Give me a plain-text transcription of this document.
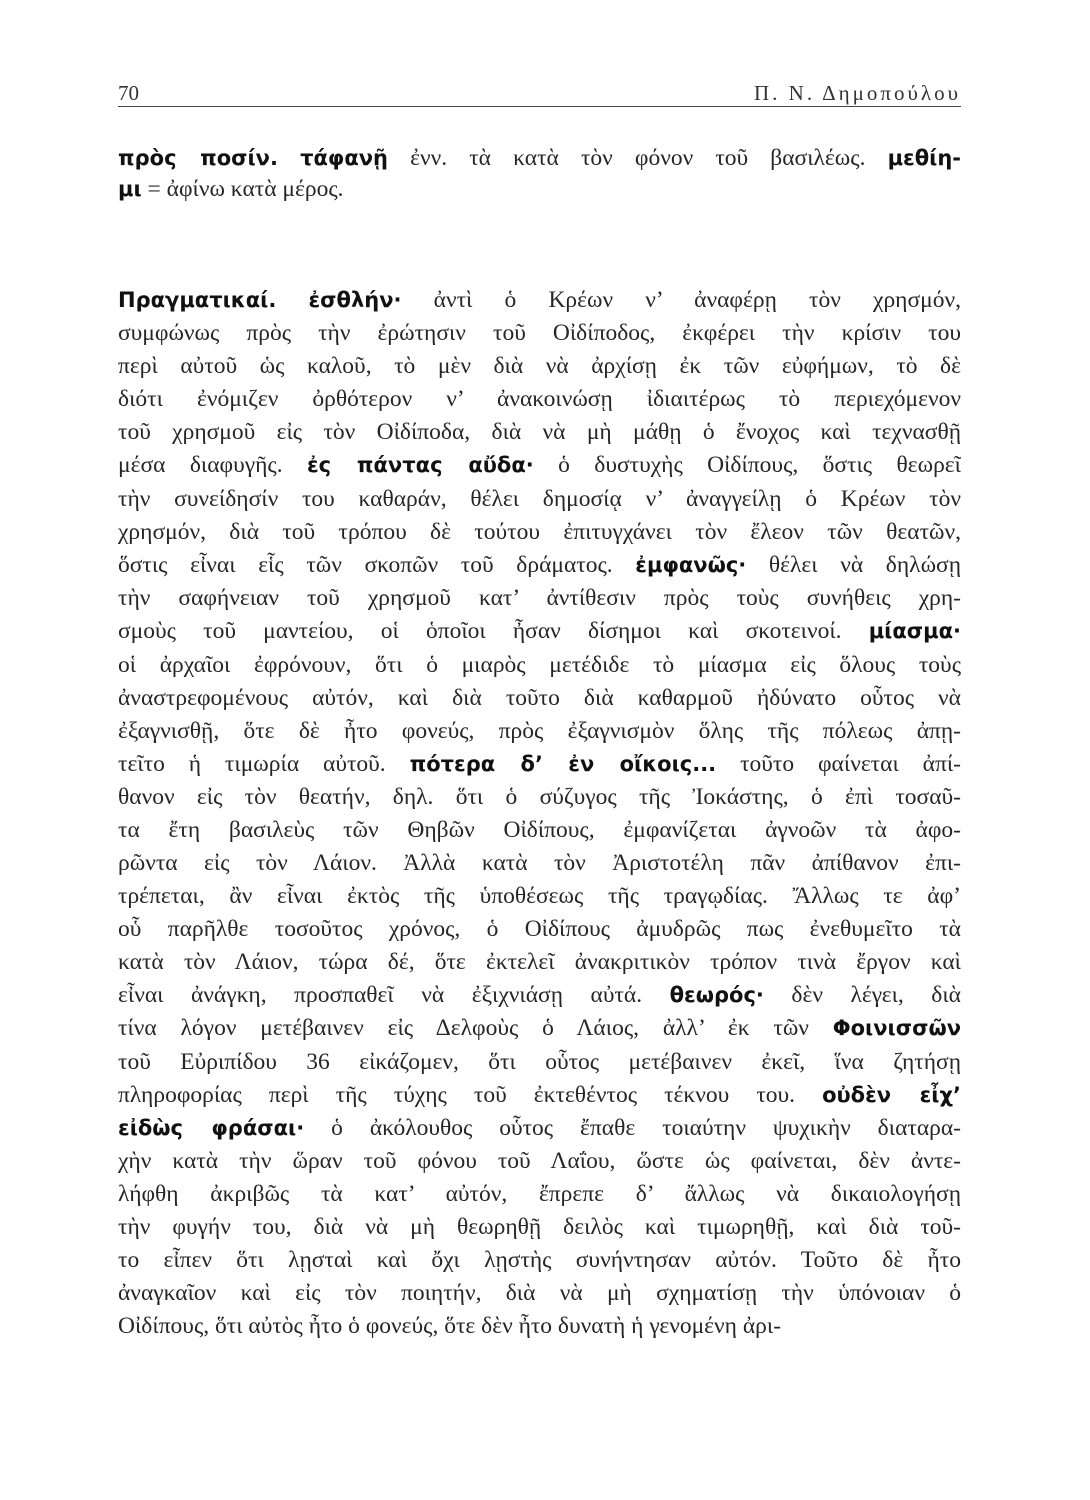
70	Π. Ν. Δημοπούλου
πρὸς ποσίν. τάφανῇ ἐνν. τὰ κατὰ τὸν φόνον τοῦ βασιλέως. μεθίη-
μι = ἀφίνω κατὰ μέρος.
Πραγματικαί. ἐσθλήν· ἀντὶ ὁ Κρέων ν’ ἀναφέρῃ τὸν χρησμόν,
συμφώνως πρὸς τὴν ἐρώτησιν τοῦ Οἰδίποδος, ἐκφέρει τὴν κρίσιν του
περὶ αὐτοῦ ὡς καλοῦ, τὸ μὲν διὰ νὰ ἀρχίσῃ ἐκ τῶν εὐφήμων, τὸ δὲ
διότι ἐνόμιζεν ὀρθότερον ν’ ἀνακοινώσῃ ἰδιαιτέρως τὸ περιεχόμενον
τοῦ χρησμοῦ εἰς τὸν Οἰδίποδα, διὰ νὰ μὴ μάθῃ ὁ ἔνοχος καὶ τεχνασθῇ
μέσα διαφυγῆς. ἐς πάντας αὔδα· ὁ δυστυχὴς Οἰδίπους, ὅστις θεωρεῖ
τὴν συνείδησίν του καθαράν, θέλει δημοσίᾳ ν’ ἀναγγείλῃ ὁ Κρέων τὸν
χρησμόν, διὰ τοῦ τρόπου δὲ τούτου ἐπιτυγχάνει τὸν ἔλεον τῶν θεατῶν,
ὅστις εἶναι εἷς τῶν σκοπῶν τοῦ δράματος. ἐμφανῶς· θέλει νὰ δηλώσῃ
τὴν σαφήνειαν τοῦ χρησμοῦ κατ’ ἀντίθεσιν πρὸς τοὺς συνήθεις χρη-
σμοὺς τοῦ μαντείου, οἱ ὁποῖοι ἦσαν δίσημοι καὶ σκοτεινοί. μίασμα·
οἱ ἀρχαῖοι ἐφρόνουν, ὅτι ὁ μιαρὸς μετέδιδε τὸ μίασμα εἰς ὅλους τοὺς
ἀναστρεφομένους αὐτόν, καὶ διὰ τοῦτο διὰ καθαρμοῦ ἠδύνατο οὗτος νὰ
ἐξαγνισθῇ, ὅτε δὲ ἦτο φονεύς, πρὸς ἐξαγνισμὸν ὅλης τῆς πόλεως ἀπῃ-
τεῖτο ἡ τιμωρία αὐτοῦ. πότερα δ’ ἐν οἴκοις... τοῦτο φαίνεται ἀπί-
θανον εἰς τὸν θεατήν, δηλ. ὅτι ὁ σύζυγος τῆς Ἰοκάστης, ὁ ἐπὶ τοσαῦ-
τα ἔτη βασιλεὺς τῶν Θηβῶν Οἰδίπους, ἐμφανίζεται ἀγνοῶν τὰ ἀφο-
ρῶντα εἰς τὸν Λάιον. Ἀλλὰ κατὰ τὸν Ἀριστοτέλη πᾶν ἀπίθανον ἐπι-
τρέπεται, ἂν εἶναι ἐκτὸς τῆς ὑποθέσεως τῆς τραγῳδίας. Ἄλλως τε ἀφ’
οὗ παρῆλθε τοσοῦτος χρόνος, ὁ Οἰδίπους ἀμυδρῶς πως ἐνεθυμεῖτο τὰ
κατὰ τὸν Λάιον, τώρα δέ, ὅτε ἐκτελεῖ ἀνακριτικὸν τρόπον τινὰ ἔργον καὶ
εἶναι ἀνάγκη, προσπαθεῖ νὰ ἐξιχνιάσῃ αὐτά. θεωρός· δὲν λέγει, διὰ
τίνα λόγον μετέβαινεν εἰς Δελφοὺς ὁ Λάιος, ἀλλ’ ἐκ τῶν Φοινισσῶν
τοῦ Εὐριπίδου 36 εἰκάζομεν, ὅτι οὗτος μετέβαινεν ἐκεῖ, ἵνα ζητήσῃ
πληροφορίας περὶ τῆς τύχης τοῦ ἐκτεθέντος τέκνου του. οὐδὲν εἶχ’
εἰδὼς φράσαι· ὁ ἀκόλουθος οὗτος ἔπαθε τοιαύτην ψυχικὴν διαταρα-
χὴν κατὰ τὴν ὥραν τοῦ φόνου τοῦ Λαΐου, ὥστε ὡς φαίνεται, δὲν ἀντε-
λήφθη ἀκριβῶς τὰ κατ’ αὐτόν, ἔπρεπε δ’ ἄλλως νὰ δικαιολογήσῃ
τὴν φυγήν του, διὰ νὰ μὴ θεωρηθῇ δειλὸς καὶ τιμωρηθῇ, καὶ διὰ τοῦ-
το εἶπεν ὅτι λῃσταὶ καὶ ὄχι λῃστὴς συνήντησαν αὐτόν. Τοῦτο δὲ ἦτο
ἀναγκαῖον καὶ εἰς τὸν ποιητήν, διὰ νὰ μὴ σχηματίσῃ τὴν ὑπόνοιαν ὁ
Οἰδίπους, ὅτι αὐτὸς ἦτο ὁ φονεύς, ὅτε δὲν ἦτο δυνατὴ ἡ γενομένη ἀρι-
